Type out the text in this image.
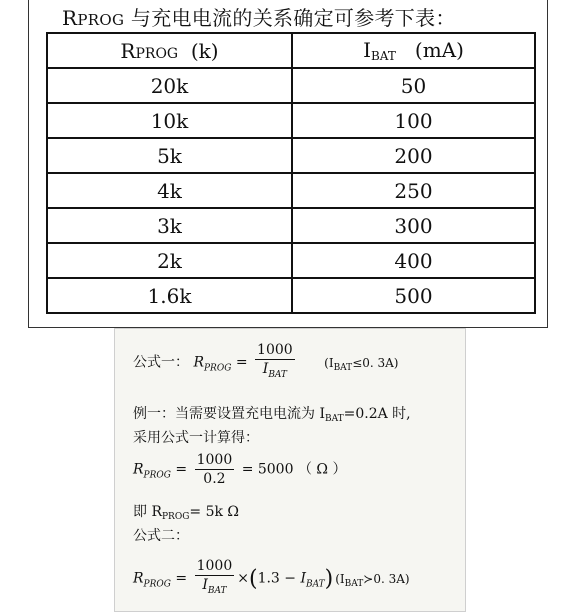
RPROG 与充电电流的关系确定可参考下表：
RPROG  (k)	$I_{BAT}$   (mA)
20k	50
10k	100
5k	200
4k	250
3k	300
2k	400
1.6k	500
公式一： $R_{PROG} = \frac{1000}{I_{BAT}} (I_{BAT}\le 0$. 3A)
例一：当需要设置充电电流为 $I_{BAT}=0.2A$ 时,
采用公式一计算得：
$R_{PROG} = \frac{1000}{0.2} = 5000$ （ Ω ）
即 $R_{PROG}= 5k$ Ω
公式二：
$R_{PROG} = \frac{1000}{I_{BAT}} \times(1.3 - I_{BAT})$ ($I_{BAT}≻0$. 3A)
